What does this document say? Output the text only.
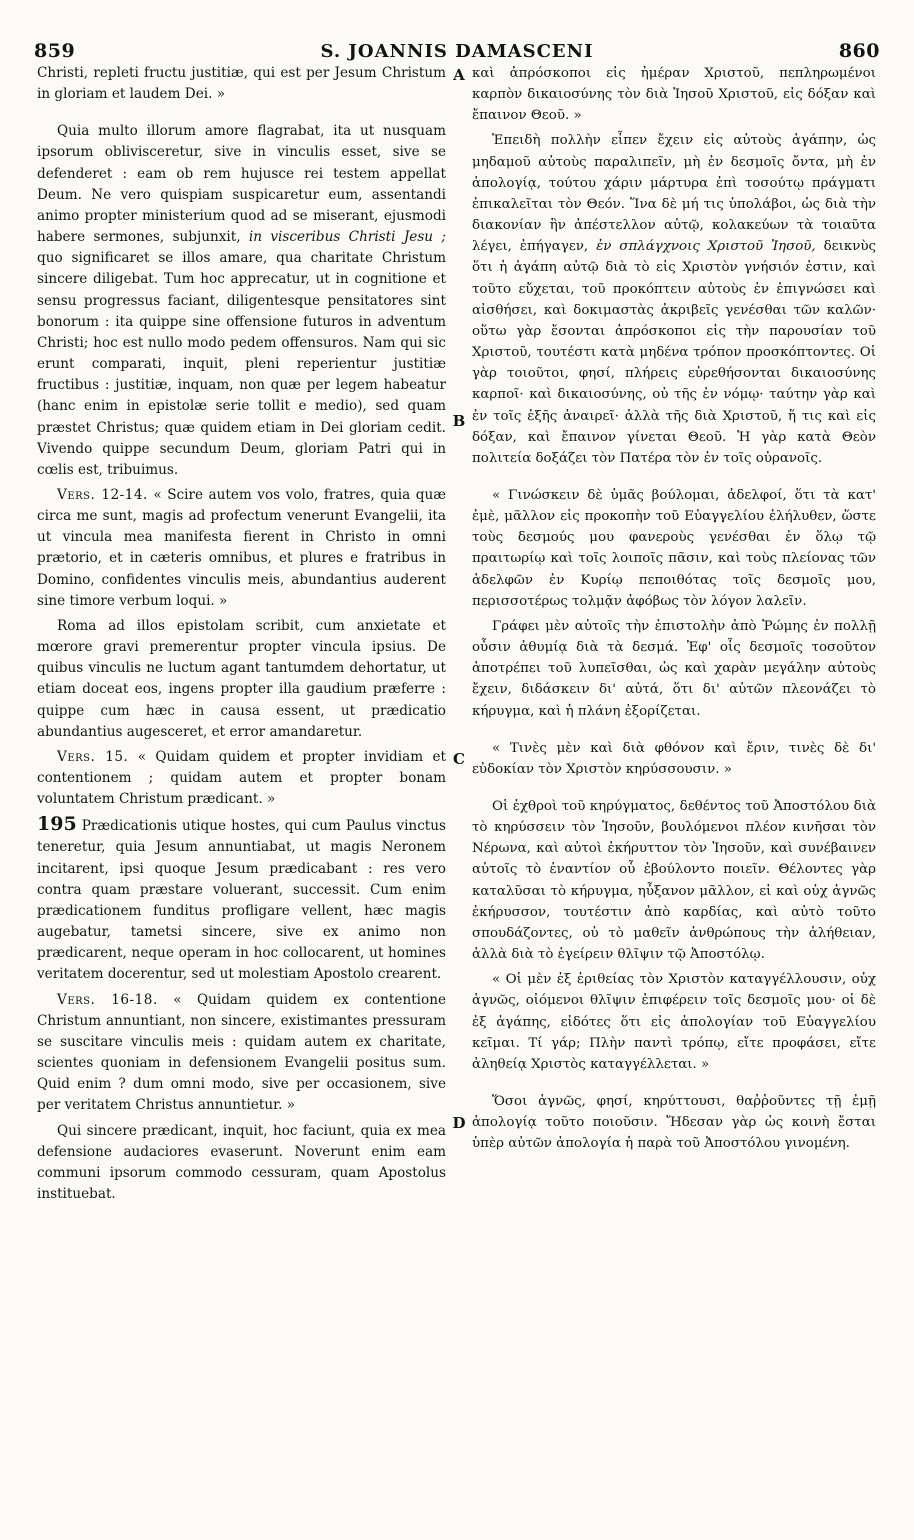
859	S. JOANNIS DAMASCENI	860
A
B
C
D

Christi, repleti fructu justitiæ, qui est per Jesum Christum in gloriam et laudem Dei. »

Quia multo illorum amore flagrabat, ita ut nusquam ipsorum oblivisceretur, sive in vinculis esset, sive se defenderet : eam ob rem hujusce rei testem appellat Deum. Ne vero quispiam suspicaretur eum, assentandi animo propter ministerium quod ad se miserant, ejusmodi habere sermones, subjunxit, in visceribus Christi Jesu ; quo significaret se illos amare, qua charitate Christum sincere diligebat. Tum hoc apprecatur, ut in cognitione et sensu progressus faciant, diligentesque pensitatores sint bonorum : ita quippe sine offensione futuros in adventum Christi; hoc est nullo modo pedem offensuros. Nam qui sic erunt comparati, inquit, pleni reperientur justitiæ fructibus : justitiæ, inquam, non quæ per legem habeatur (hanc enim in epistolæ serie tollit e medio), sed quam præstet Christus; quæ quidem etiam in Dei gloriam cedit. Vivendo quippe secundum Deum, gloriam Patri qui in cœlis est, tribuimus.

Vers. 12-14. « Scire autem vos volo, fratres, quia quæ circa me sunt, magis ad profectum venerunt Evangelii, ita ut vincula mea manifesta fierent in Christo in omni prætorio, et in cæteris omnibus, et plures e fratribus in Domino, confidentes vinculis meis, abundantius auderent sine timore verbum loqui. »

Roma ad illos epistolam scribit, cum anxietate et mœrore gravi premerentur propter vincula ipsius. De quibus vinculis ne luctum agant tantumdem dehortatur, ut etiam doceat eos, ingens propter illa gaudium præferre : quippe cum hæc in causa essent, ut prædicatio abundantius augesceret, et error amandaretur.

Vers. 15. « Quidam quidem et propter invidiam et contentionem ; quidam autem et propter bonam voluntatem Christum prædicant. »

195 Prædicationis utique hostes, qui cum Paulus vinctus teneretur, quia Jesum annuntiabat, ut magis Neronem incitarent, ipsi quoque Jesum prædicabant : res vero contra quam præstare voluerant, successit. Cum enim prædicationem funditus profligare vellent, hæc magis augebatur, tametsi sincere, sive ex animo non prædicarent, neque operam in hoc collocarent, ut homines veritatem docerentur, sed ut molestiam Apostolo crearent.

Vers. 16-18. « Quidam quidem ex contentione Christum annuntiant, non sincere, existimantes pressuram se suscitare vinculis meis : quidam autem ex charitate, scientes quoniam in defensionem Evangelii positus sum. Quid enim ? dum omni modo, sive per occasionem, sive per veritatem Christus annuntietur. »

Qui sincere prædicant, inquit, hoc faciunt, quia ex mea defensione audaciores evaserunt. Noverunt enim eam communi ipsorum commodo cessuram, quam Apostolus instituebat.

καὶ ἀπρόσκοποι εἰς ἡμέραν Χριστοῦ, πεπληρωμένοι καρπὸν δικαιοσύνης τὸν διὰ Ἰησοῦ Χριστοῦ, εἰς δόξαν καὶ ἔπαινον Θεοῦ. »

Ἐπειδὴ πολλὴν εἶπεν ἔχειν εἰς αὐτοὺς ἀγάπην, ὡς μηδαμοῦ αὐτοὺς παραλιπεῖν, μὴ ἐν δεσμοῖς ὄντα, μὴ ἐν ἀπολογίᾳ, τούτου χάριν μάρτυρα ἐπὶ τοσούτῳ πράγματι ἐπικαλεῖται τὸν Θεόν. Ἵνα δὲ μή τις ὑπολάβοι, ὡς διὰ τὴν διακονίαν ἣν ἀπέστελλον αὐτῷ, κολακεύων τὰ τοιαῦτα λέγει, ἐπήγαγεν, ἐν σπλάγχνοις Χριστοῦ Ἰησοῦ, δεικνὺς ὅτι ἡ ἀγάπη αὐτῷ διὰ τὸ εἰς Χριστὸν γνήσιόν ἐστιν, καὶ τοῦτο εὔχεται, τοῦ προκόπτειν αὐτοὺς ἐν ἐπιγνώσει καὶ αἰσθήσει, καὶ δοκιμαστὰς ἀκριβεῖς γενέσθαι τῶν καλῶν· οὕτω γὰρ ἔσονται ἀπρόσκοποι εἰς τὴν παρουσίαν τοῦ Χριστοῦ, τουτέστι κατὰ μηδένα τρόπον προσκόπτοντες. Οἱ γὰρ τοιοῦτοι, φησί, πλήρεις εὑρεθήσονται δικαιοσύνης καρποῖ· καὶ δικαιοσύνης, οὐ τῆς ἐν νόμῳ· ταύτην γὰρ καὶ ἐν τοῖς ἑξῆς ἀναιρεῖ· ἀλλὰ τῆς διὰ Χριστοῦ, ἥ τις καὶ εἰς δόξαν, καὶ ἔπαινον γίνεται Θεοῦ. Ἡ γὰρ κατὰ Θεὸν πολιτεία δοξάζει τὸν Πατέρα τὸν ἐν τοῖς οὐρανοῖς.

« Γινώσκειν δὲ ὑμᾶς βούλομαι, ἀδελφοί, ὅτι τὰ κατ' ἐμὲ, μᾶλλον εἰς προκοπὴν τοῦ Εὐαγγελίου ἐλήλυθεν, ὥστε τοὺς δεσμούς μου φανεροὺς γενέσθαι ἐν ὅλῳ τῷ πραιτωρίῳ καὶ τοῖς λοιποῖς πᾶσιν, καὶ τοὺς πλείονας τῶν ἀδελφῶν ἐν Κυρίῳ πεποιθότας τοῖς δεσμοῖς μου, περισσοτέρως τολμᾷν ἀφόβως τὸν λόγον λαλεῖν.

Γράφει μὲν αὐτοῖς τὴν ἐπιστολὴν ἀπὸ Ῥώμης ἐν πολλῇ οὖσιν ἀθυμίᾳ διὰ τὰ δεσμά. Ἐφ' οἷς δεσμοῖς τοσοῦτον ἀποτρέπει τοῦ λυπεῖσθαι, ὡς καὶ χαρὰν μεγάλην αὐτοὺς ἔχειν, διδάσκειν δι' αὐτά, ὅτι δι' αὐτῶν πλεονάζει τὸ κήρυγμα, καὶ ἡ πλάνη ἐξορίζεται.

« Τινὲς μὲν καὶ διὰ φθόνον καὶ ἔριν, τινὲς δὲ δι' εὐδοκίαν τὸν Χριστὸν κηρύσσουσιν. »

Οἱ ἐχθροὶ τοῦ κηρύγματος, δεθέντος τοῦ Ἀποστόλου διὰ τὸ κηρύσσειν τὸν Ἰησοῦν, βουλόμενοι πλέον κινῆσαι τὸν Νέρωνα, καὶ αὐτοὶ ἐκήρυττον τὸν Ἰησοῦν, καὶ συνέβαινεν αὐτοῖς τὸ ἐναντίον οὗ ἐβούλοντο ποιεῖν. Θέλοντες γὰρ καταλῦσαι τὸ κήρυγμα, ηὖξανον μᾶλλον, εἰ καὶ οὐχ ἁγνῶς ἐκήρυσσον, τουτέστιν ἀπὸ καρδίας, καὶ αὐτὸ τοῦτο σπουδάζοντες, οὐ τὸ μαθεῖν ἀνθρώπους τὴν ἀλήθειαν, ἀλλὰ διὰ τὸ ἐγείρειν θλῖψιν τῷ Ἀποστόλῳ.

« Οἱ μὲν ἐξ ἐριθείας τὸν Χριστὸν καταγγέλλουσιν, οὐχ ἁγνῶς, οἰόμενοι θλῖψιν ἐπιφέρειν τοῖς δεσμοῖς μου· οἱ δὲ ἐξ ἀγάπης, εἰδότες ὅτι εἰς ἀπολογίαν τοῦ Εὐαγγελίου κεῖμαι. Τί γάρ; Πλὴν παντὶ τρόπῳ, εἴτε προφάσει, εἴτε ἀληθείᾳ Χριστὸς καταγγέλλεται. »

Ὅσοι ἁγνῶς, φησί, κηρύττουσι, θαῤῥοῦντες τῇ ἐμῇ ἀπολογίᾳ τοῦτο ποιοῦσιν. Ἤδεσαν γὰρ ὡς κοινὴ ἔσται ὑπὲρ αὐτῶν ἀπολογία ἡ παρὰ τοῦ Ἀποστόλου γινομένη.
